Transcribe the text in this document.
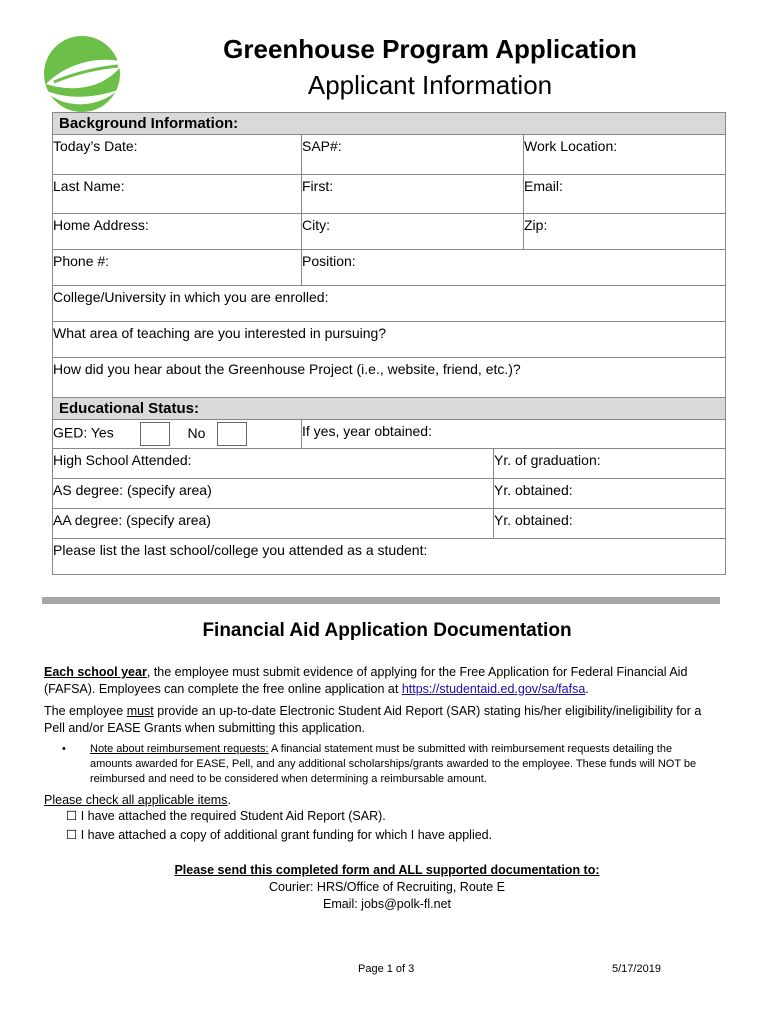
Greenhouse Program Application
Applicant Information
Background Information:
Today’s Date:	SAP#:	Work Location:
Last Name:	First:	Email:
Home Address:	City:	Zip:
Phone #:	Position:
College/University in which you are enrolled:
What area of teaching are you interested in pursuing?
How did you hear about the Greenhouse Project (i.e., website, friend, etc.)?
Educational Status:
GED: Yes	No	If yes, year obtained:
High School Attended:	Yr. of graduation:
AS degree: (specify area)	Yr. obtained:
AA degree: (specify area)	Yr. obtained:
Please list the last school/college you attended as a student:
Financial Aid Application Documentation
Each school year, the employee must submit evidence of applying for the Free Application for Federal Financial Aid (FAFSA). Employees can complete the free online application at https://studentaid.ed.gov/sa/fafsa.
The employee must provide an up-to-date Electronic Student Aid Report (SAR) stating his/her eligibility/ineligibility for a Pell and/or EASE Grants when submitting this application.
• Note about reimbursement requests: A financial statement must be submitted with reimbursement requests detailing the amounts awarded for EASE, Pell, and any additional scholarships/grants awarded to the employee. These funds will NOT be reimbursed and need to be considered when determining a reimbursable amount.
Please check all applicable items.
☐ I have attached the required Student Aid Report (SAR).
☐ I have attached a copy of additional grant funding for which I have applied.
Please send this completed form and ALL supported documentation to:
Courier: HRS/Office of Recruiting, Route E
Email: jobs@polk-fl.net
Page 1 of 3	5/17/2019
